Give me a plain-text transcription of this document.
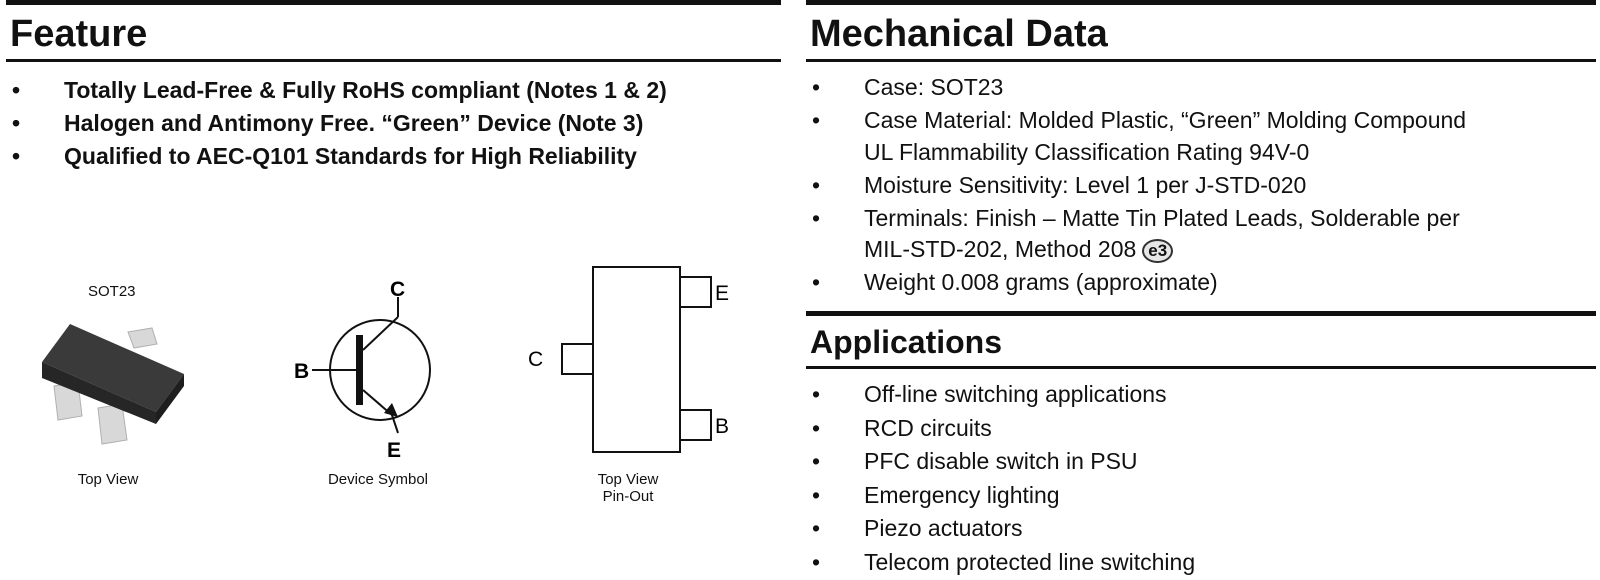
Feature
• Totally Lead-Free & Fully RoHS compliant (Notes 1 & 2)
• Halogen and Antimony Free. “Green” Device (Note 3)
• Qualified to AEC-Q101 Standards for High Reliability
SOT23
Top View
C
B
E
Device Symbol
E
C
B
Top View
Pin-Out
Mechanical Data
• Case: SOT23
• Case Material: Molded Plastic, “Green” Molding Compound
UL Flammability Classification Rating 94V-0
• Moisture Sensitivity: Level 1 per J-STD-020
• Terminals: Finish – Matte Tin Plated Leads, Solderable per
MIL-STD-202, Method 208 e3
• Weight 0.008 grams (approximate)
Applications
• Off-line switching applications
• RCD circuits
• PFC disable switch in PSU
• Emergency lighting
• Piezo actuators
• Telecom protected line switching
